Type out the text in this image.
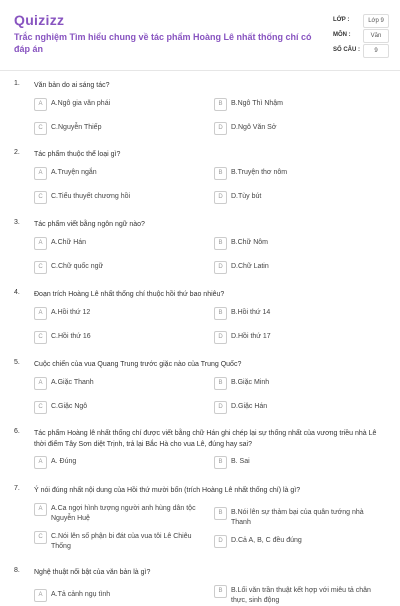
Quizizz
Trắc nghiệm Tìm hiểu chung về tác phẩm Hoàng Lê nhất thống chí có đáp án
LỚP :	Lớp 9
MÔN :	Văn
SỐ CÂU :	9
1. Văn bản do ai sáng tác?
A	A.Ngô gia văn phái	B	B.Ngô Thì Nhậm
C	C.Nguyễn Thiếp	D	D.Ngô Văn Sở
2. Tác phẩm thuộc thể loại gì?
A	A.Truyện ngắn	B	B.Truyện thơ nôm
C	C.Tiểu thuyết chương hồi	D	D.Tùy bút
3. Tác phẩm viết bằng ngôn ngữ nào?
A	A.Chữ Hán	B	B.Chữ Nôm
C	C.Chữ quốc ngữ	D	D.Chữ Latin
4. Đoạn trích Hoàng Lê nhất thống chí thuộc hồi thứ bao nhiêu?
A	A.Hồi thứ 12	B	B.Hồi thứ 14
C	C.Hồi thứ 16	D	D.Hồi thứ 17
5. Cuộc chiến của vua Quang Trung trước giặc nào của Trung Quốc?
A	A.Giặc Thanh	B	B.Giặc Minh
C	C.Giặc Ngô	D	D.Giặc Hán
6. Tác phẩm Hoàng lê nhất thống chí được viết bằng chữ Hán ghi chép lại sự thống nhất của vương triều nhà Lê thời điểm Tây Sơn diệt Trịnh, trả lại Bắc Hà cho vua Lê, đúng hay sai?
A	A. Đúng	B	B. Sai
7. Ý nói đúng nhất nội dung của Hồi thứ mười bốn (trích Hoàng Lê nhất thống chí) là gì?
A	A.Ca ngợi hình tượng người anh hùng dân tộc Nguyễn Huệ
B	B.Nói lên sự thảm bại của quân tướng nhà Thanh
C	C.Nói lên số phận bi đát của vua tôi Lê Chiêu Thống
D	D.Cả A, B, C đều đúng
8. Nghệ thuật nổi bật của văn bản là gì?
A	A.Tả cảnh ngụ tình	B	B.Lối văn trần thuật kết hợp với miêu tả chân thực, sinh động
